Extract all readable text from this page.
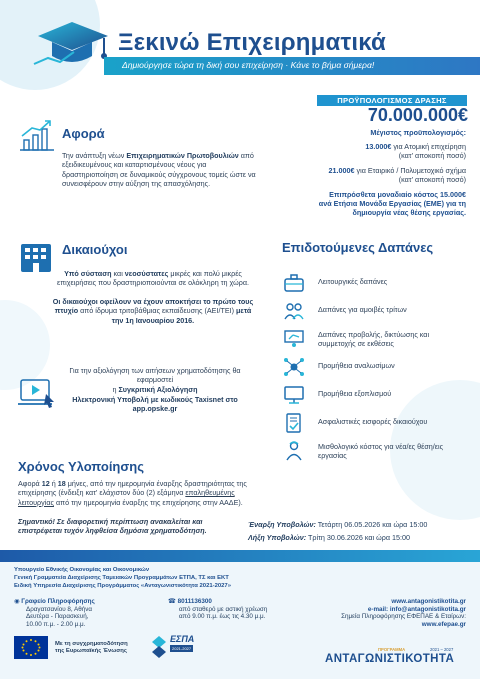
Ξεκινώ Επιχειρηματικά
Δημιούργησε τώρα τη δική σου επιχείρηση · Κάνε το βήμα σήμερα!
Αφορά
Την ανάπτυξη νέων Επιχειρηματικών Πρωτοβουλιών από εξειδικευμένους και καταρτισμένους νέους για δραστηριοποίηση σε δυναμικούς σύγχρονους τομείς ώστε να συνεισφέρουν στην αύξηση της απασχόλησης.
ΠΡΟΫΠΟΛΟΓΙΣΜΟΣ ΔΡΑΣΗΣ
70.000.000€
Μέγιστος προϋπολογισμός:
13.000€ για Ατομική επιχείρηση
(κατ' αποκοπή ποσό)
21.000€ για Εταιρικό / Πολυμετοχικό σχήμα
(κατ' αποκοπή ποσό)
Επιπρόσθετα μοναδιαίο κόστος 15.000€
ανά Ετήσια Μονάδα Εργασίας (ΕΜΕ) για τη
δημιουργία νέας θέσης εργασίας.
Δικαιούχοι
Υπό σύσταση και νεοσύστατες μικρές και πολύ μικρές επιχειρήσεις που δραστηριοποιούνται σε ολόκληρη τη χώρα.
Οι δικαιούχοι οφείλουν να έχουν αποκτήσει το πρώτο τους πτυχίο από ίδρυμα τριτοβάθμιας εκπαίδευσης (ΑΕΙ/ΤΕΙ) μετά την 1η Ιανουαρίου 2016.
Για την αξιολόγηση των αιτήσεων χρηματοδότησης θα εφαρμοστεί
η Συγκριτική Αξιολόγηση
Ηλεκτρονική Υποβολή με κωδικούς Taxisnet στο app.opske.gr
Χρόνος Υλοποίησης
Αφορά 12 ή 18 μήνες, από την ημερομηνία έναρξης δραστηριότητας της επιχείρησης (ένδειξη κατ' ελάχιστον δύο (2) εξάμηνα επαληθευμένης λειτουργίας από την ημερομηνία έναρξης της επιχείρησης στην ΑΑΔΕ).
Σημαντικό! Σε διαφορετική περίπτωση ανακαλείται και επιστρέφεται τυχόν ληφθείσα δημόσια χρηματοδότηση.
Επιδοτούμενες Δαπάνες
Λειτουργικές δαπάνες
Δαπάνες για αμοιβές τρίτων
Δαπάνες προβολής, δικτύωσης και συμμετοχής σε εκθέσεις
Προμήθεια αναλωσίμων
Προμήθεια εξοπλισμού
Ασφαλιστικές εισφορές δικαιούχου
Μισθολογικό κόστος για νέα/ες θέση/εις εργασίας
Έναρξη Υποβολών: Τετάρτη 06.05.2026 και ώρα 15:00
Λήξη Υποβολών: Τρίτη 30.06.2026 και ώρα 15:00
Υπουργείο Εθνικής Οικονομίας και Οικονομικών
Γενική Γραμματεία Διαχείρισης Ταμειακών Προγραμμάτων ΕΤΠΑ, ΤΣ και ΕΚΤ
Ειδική Υπηρεσία Διαχείρισης Προγράμματος «Ανταγωνιστικότητα 2021-2027»
◉ Γραφείο Πληροφόρησης
Δραγατσανίου 8, Αθήνα
Δευτέρα - Παρασκευή,
10.00 π.μ. - 2.00 μ.μ.
☎ 8011136300
από σταθερό με αστική χρέωση
από 9.00 π.μ. έως τις 4.30 μ.μ.
www.antagonistikotita.gr
e-mail: info@antagonistikotita.gr
Σημεία Πληροφόρησης ΕΦΕΠΑΕ & Εταίρων:
www.efepae.gr
Με τη συγχρηματοδότηση
της Ευρωπαϊκής Ένωσης
ΕΣΠΑ
2021-2027	ΠΡΟΓΡΑΜΜΑ	2021 – 2027
ΑΝΤΑΓΩΝΙΣΤΙΚΟΤΗΤΑ
